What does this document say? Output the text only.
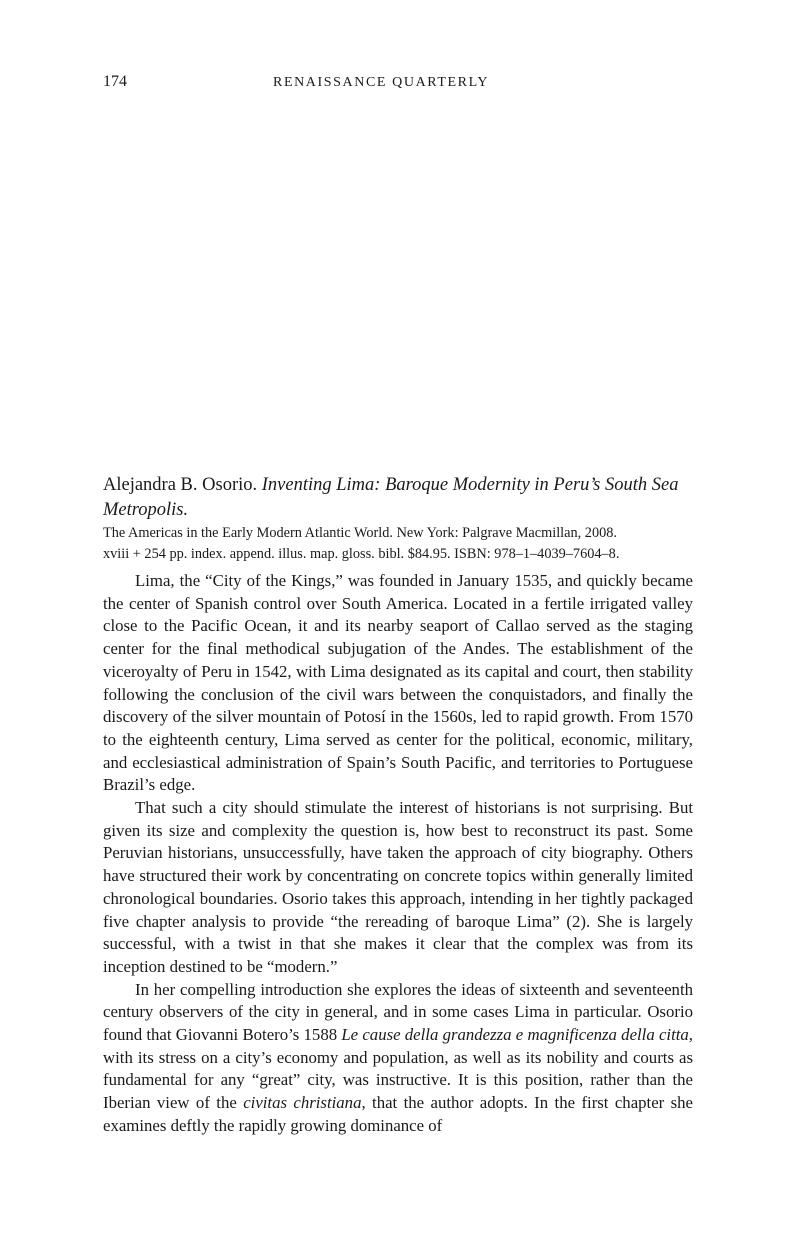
174	RENAISSANCE QUARTERLY

Alejandra B. Osorio. Inventing Lima: Baroque Modernity in Peru’s South Sea Metropolis.

The Americas in the Early Modern Atlantic World. New York: Palgrave Macmillan, 2008.
xviii + 254 pp. index. append. illus. map. gloss. bibl. $84.95. ISBN: 978–1–4039–7604–8.

Lima, the “City of the Kings,” was founded in January 1535, and quickly became the center of Spanish control over South America. Located in a fertile irrigated valley close to the Pacific Ocean, it and its nearby seaport of Callao served as the staging center for the final methodical subjugation of the Andes. The establishment of the viceroyalty of Peru in 1542, with Lima designated as its capital and court, then stability following the conclusion of the civil wars between the conquistadors, and finally the discovery of the silver mountain of Potosí in the 1560s, led to rapid growth. From 1570 to the eighteenth century, Lima served as center for the political, economic, military, and ecclesiastical administration of Spain’s South Pacific, and territories to Portuguese Brazil’s edge.

That such a city should stimulate the interest of historians is not surprising. But given its size and complexity the question is, how best to reconstruct its past. Some Peruvian historians, unsuccessfully, have taken the approach of city biography. Others have structured their work by concentrating on concrete topics within generally limited chronological boundaries. Osorio takes this approach, intending in her tightly packaged five chapter analysis to provide “the rereading of baroque Lima” (2). She is largely successful, with a twist in that she makes it clear that the complex was from its inception destined to be “modern.”

In her compelling introduction she explores the ideas of sixteenth and seventeenth century observers of the city in general, and in some cases Lima in particular. Osorio found that Giovanni Botero’s 1588 Le cause della grandezza e magnificenza della citta, with its stress on a city’s economy and population, as well as its nobility and courts as fundamental for any “great” city, was instructive. It is this position, rather than the Iberian view of the civitas christiana, that the author adopts. In the first chapter she examines deftly the rapidly growing dominance of
